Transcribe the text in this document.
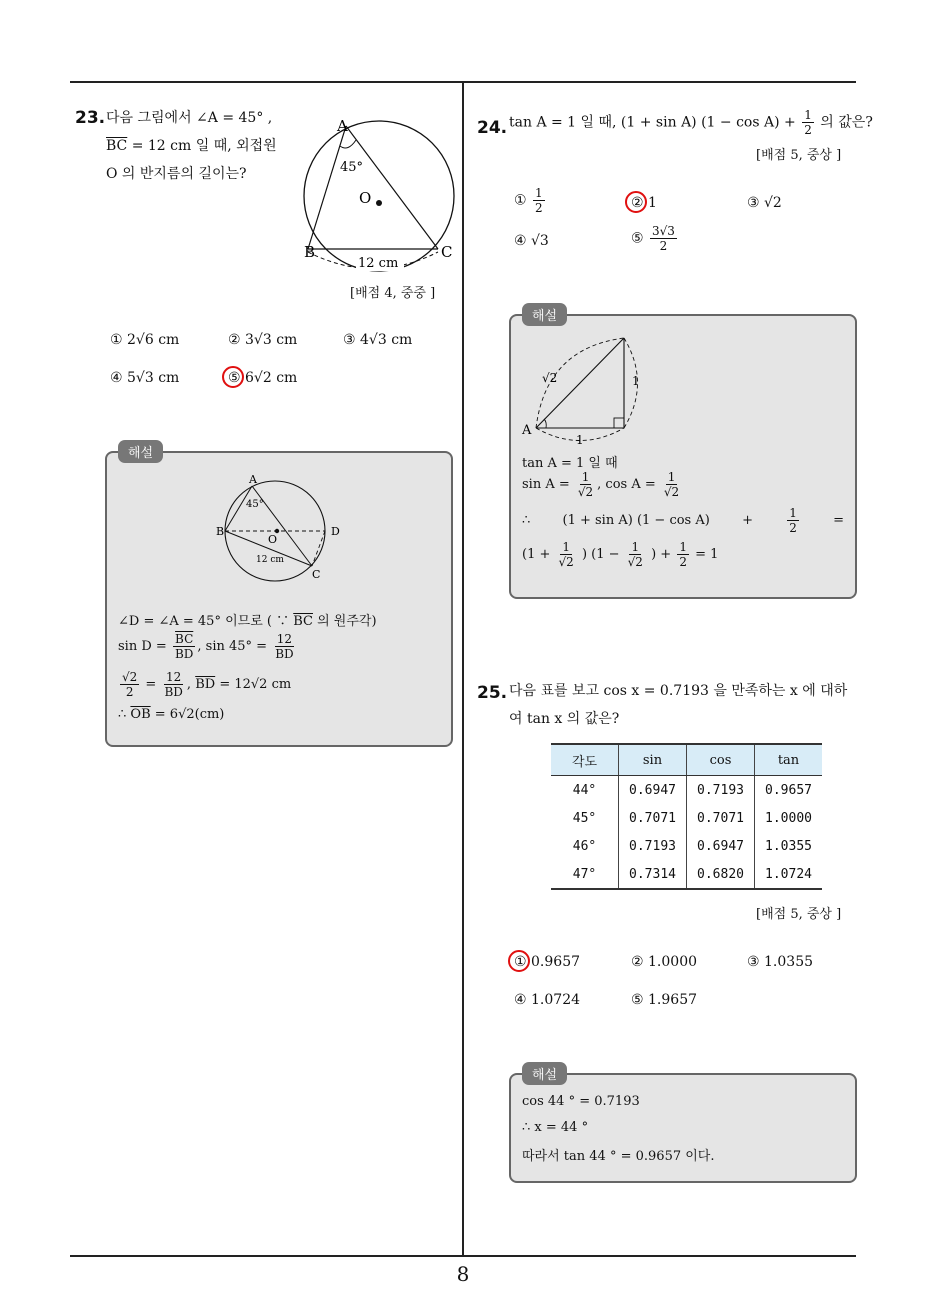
23. 다음 그림에서 ∠A = 45° ,
$\overline{BC} = 12$ cm 일 때, 외접원
O 의 반지름의 길이는?
A
B	C
O
45°
12 cm
[배점 4, 중중 ]
① 2√6 cm	② 3√3 cm	③ 4√3 cm
④ 5√3 cm	⑤ 6√2 cm
해설
A
B
C
D
O
45°
12 cm
∠D = ∠A = 45° 이므로 ( ∵ $\overline{BC}$ 의 원주각)
$\sin D = \frac{\overline{BC}}{BD}$ , $\sin 45^\circ = \frac{12}{BD}$
$\frac{√2}{2} = \frac{12}{BD}$ , $\overline{BD} = 12√2$ cm
∴ $\overline{OB} = 6√2(cm)$
24. tan A = 1 일 때, (1 + sin A) $(1 - \cos A) + \frac{1}{2}$ 의 값은?
[배점 5, 중상 ]
① $\frac{1}{2}$	② 1	③ √2
④ √3	⑤ $\frac{3√3}{2}$
해설
A
√2	1
1
tan A = 1 일 때
$\sin A = \frac{1}{√2}$ , $\cos A = \frac{1}{√2}$
∴ (1 + sin A) (1 − cos A) +	$\frac{1}{2}$	=
($1 + \frac{1}{√2}$ ) ($1 - \frac{1}{√2}$ ) + $\frac{1}{2} = 1$
25. 다음 표를 보고 cos x = 0.7193 을 만족하는 x 에 대하
여 tan x 의 값은?
각도	sin	cos	tan
44°	0.6947	0.7193	0.9657
45°	0.7071	0.7071	1.0000
46°	0.7193	0.6947	1.0355
47°	0.7314	0.6820	1.0724
[배점 5, 중상 ]
① 0.9657	② 1.0000	③ 1.0355
④ 1.0724	⑤ 1.9657
해설
cos 44 ° = 0.7193
∴ x = 44 °
따라서 tan 44 ° = 0.9657 이다.
8
